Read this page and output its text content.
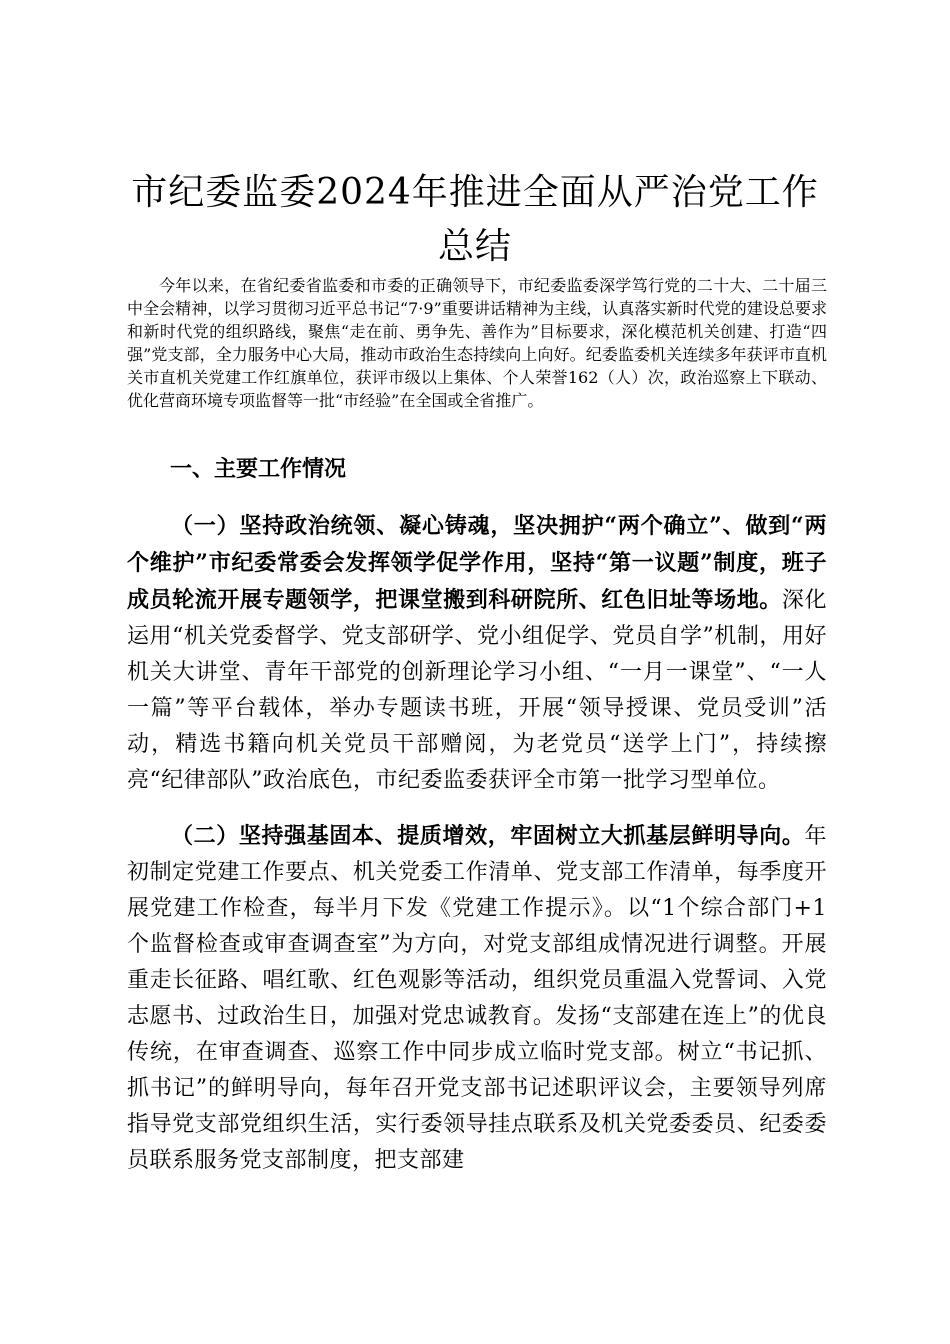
市纪委监委2024年推进全面从严治党工作总结

今年以来，在省纪委省监委和市委的正确领导下，市纪委监委深学笃行党的二十大、二十届三中全会精神，以学习贯彻习近平总书记“7·9”重要讲话精神为主线，认真落实新时代党的建设总要求和新时代党的组织路线，聚焦“走在前、勇争先、善作为”目标要求，深化模范机关创建、打造“四强”党支部，全力服务中心大局，推动市政治生态持续向上向好。纪委监委机关连续多年获评市直机关市直机关党建工作红旗单位，获评市级以上集体、个人荣誉162（人）次，政治巡察上下联动、优化营商环境专项监督等一批“市经验”在全国或全省推广。

一、主要工作情况

（一）坚持政治统领、凝心铸魂，坚决拥护“两个确立”、做到“两个维护”市纪委常委会发挥领学促学作用，坚持“第一议题”制度，班子成员轮流开展专题领学，把课堂搬到科研院所、红色旧址等场地。深化运用“机关党委督学、党支部研学、党小组促学、党员自学”机制，用好机关大讲堂、青年干部党的创新理论学习小组、“一月一课堂”、“一人一篇”等平台载体，举办专题读书班，开展“领导授课、党员受训”活动，精选书籍向机关党员干部赠阅，为老党员“送学上门”，持续擦亮“纪律部队”政治底色，市纪委监委获评全市第一批学习型单位。

（二）坚持强基固本、提质增效，牢固树立大抓基层鲜明导向。年初制定党建工作要点、机关党委工作清单、党支部工作清单，每季度开展党建工作检查，每半月下发《党建工作提示》。以“1个综合部门+1个监督检查或审查调查室”为方向，对党支部组成情况进行调整。开展重走长征路、唱红歌、红色观影等活动，组织党员重温入党誓词、入党志愿书、过政治生日，加强对党忠诚教育。发扬“支部建在连上”的优良传统，在审查调查、巡察工作中同步成立临时党支部。树立“书记抓、抓书记”的鲜明导向，每年召开党支部书记述职评议会，主要领导列席指导党支部党组织生活，实行委领导挂点联系及机关党委委员、纪委委员联系服务党支部制度，把支部建
